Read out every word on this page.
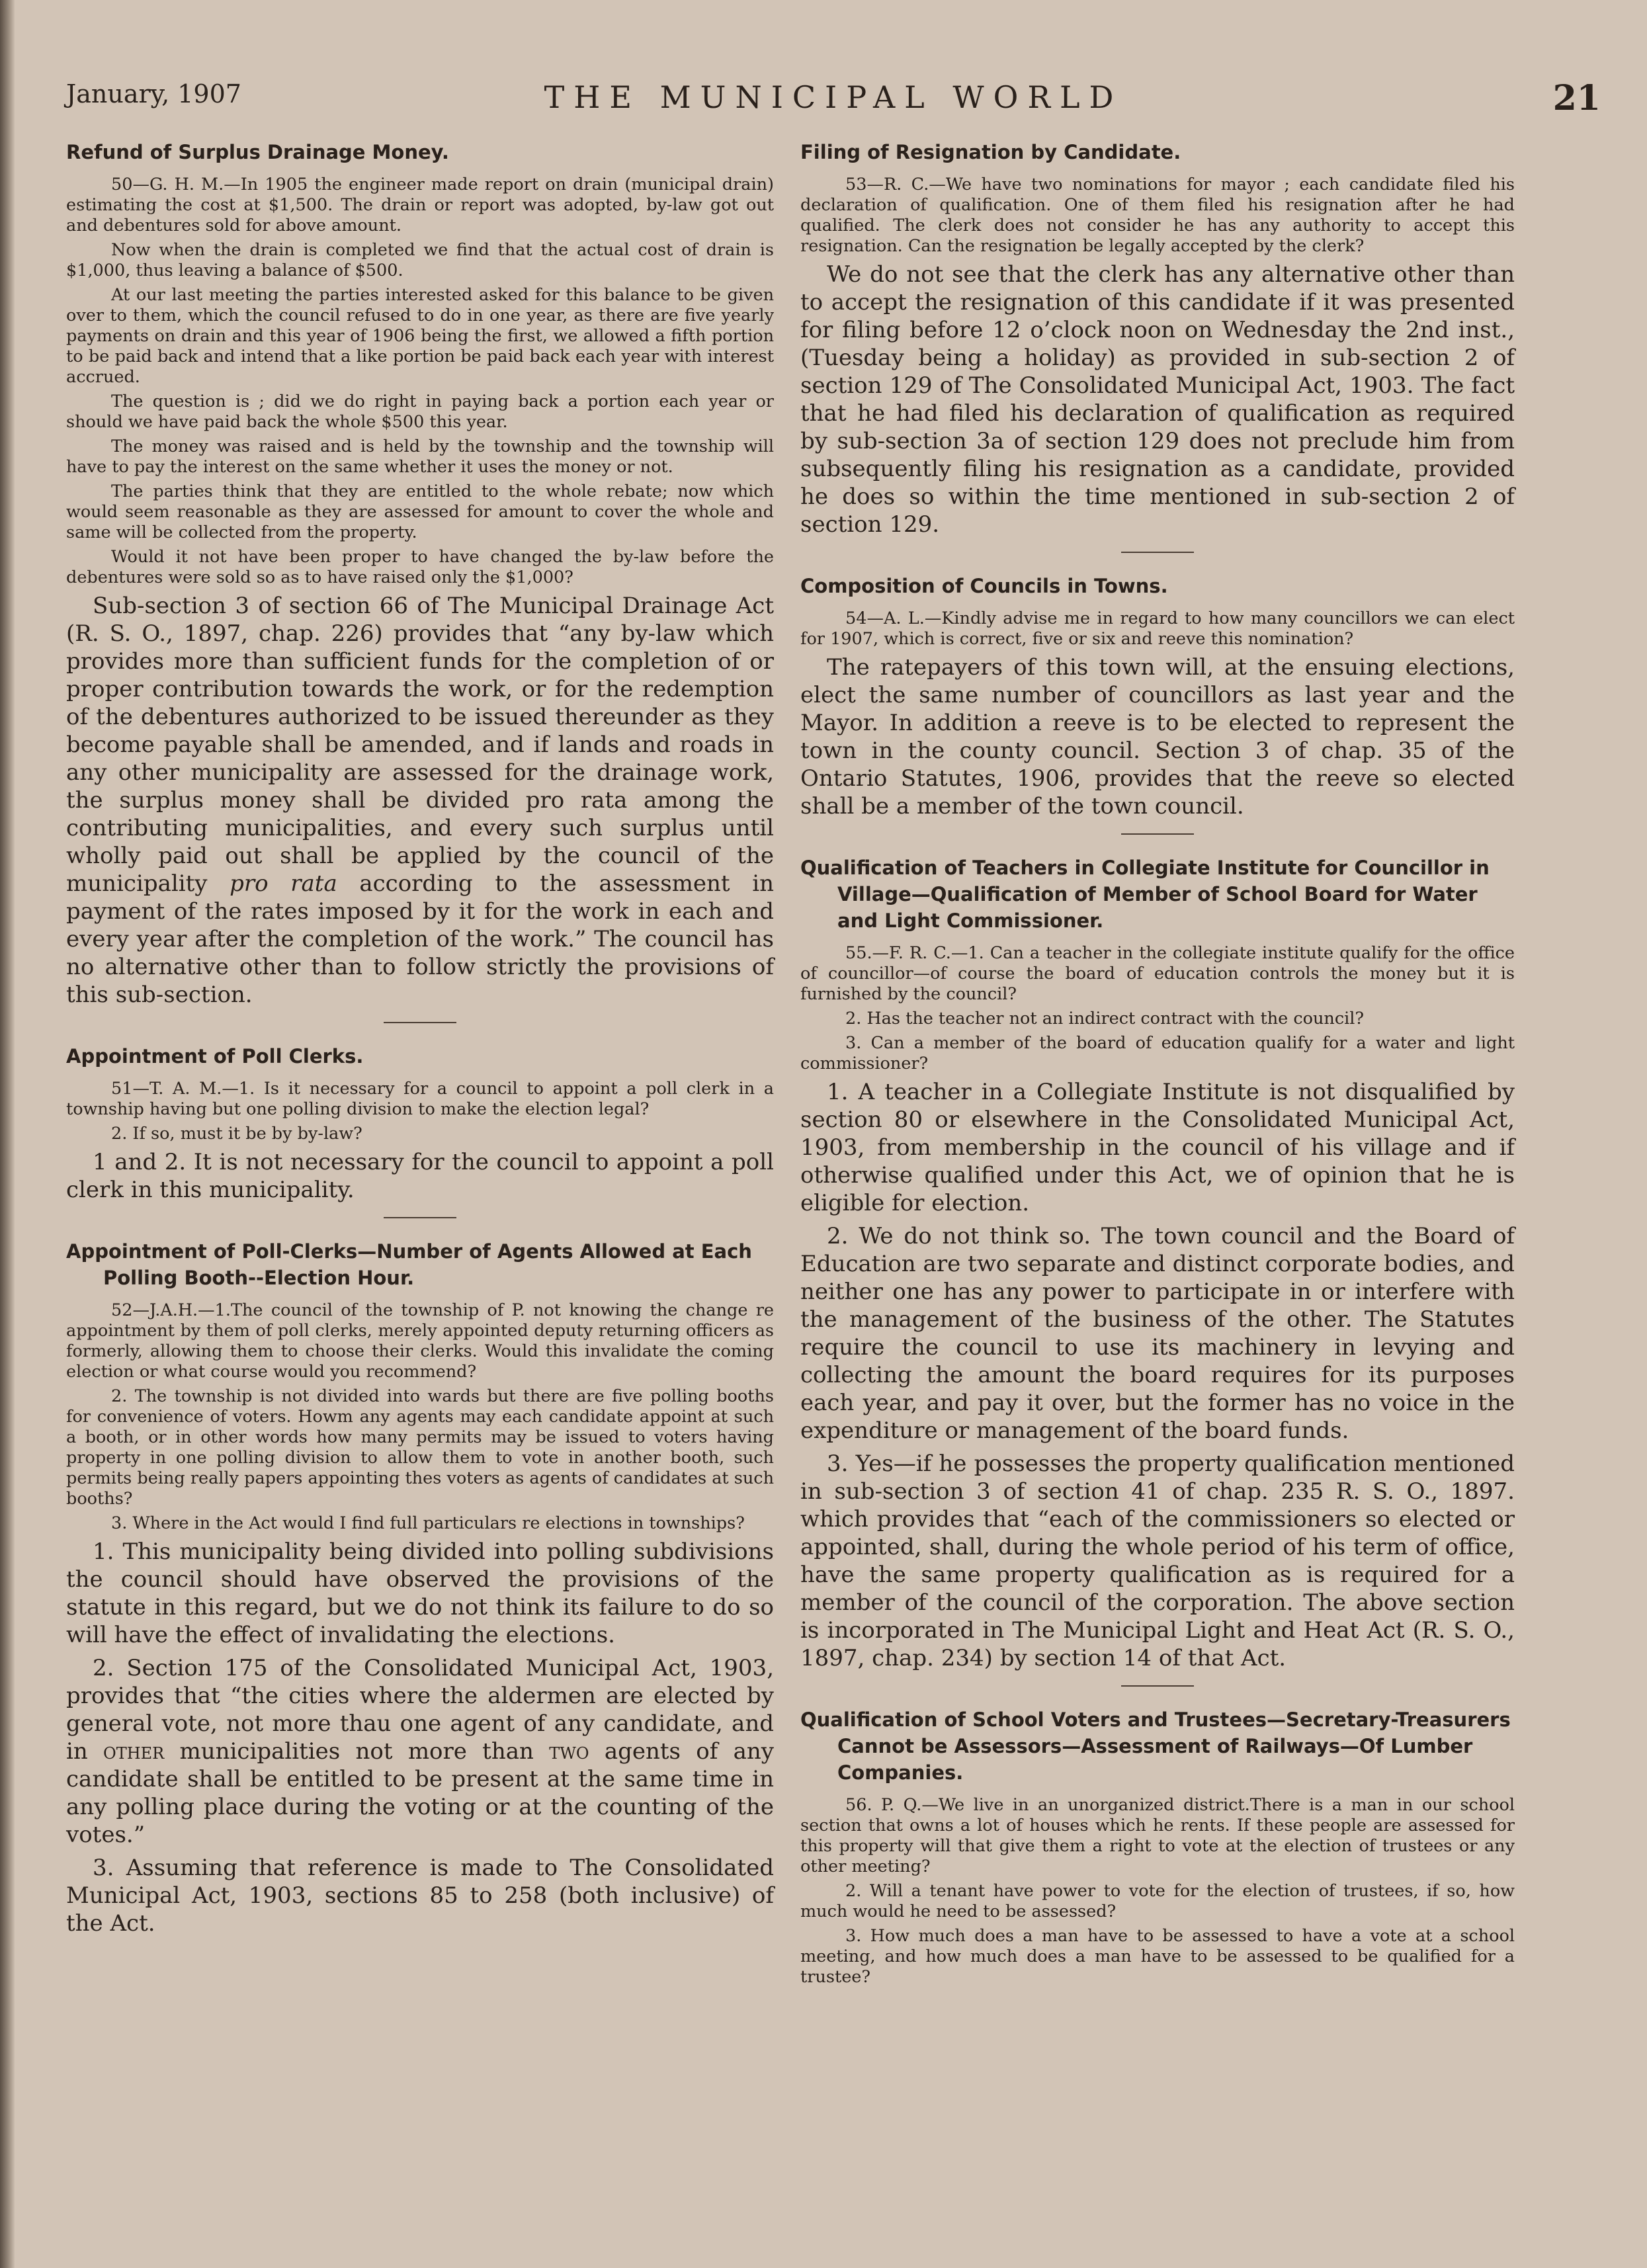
January, 1907	THE MUNICIPAL WORLD	21
Refund of Surplus Drainage Money.

50—G. H. M.—In 1905 the engineer made report on drain (municipal drain) estimating the cost at $1,500. The drain or report was adopted, by-law got out and debentures sold for above amount.

Now when the drain is completed we find that the actual cost of drain is $1,000, thus leaving a balance of $500.

At our last meeting the parties interested asked for this balance to be given over to them, which the council refused to do in one year, as there are five yearly payments on drain and this year of 1906 being the first, we allowed a fifth portion to be paid back and intend that a like portion be paid back each year with interest accrued.

The question is ; did we do right in paying back a portion each year or should we have paid back the whole $500 this year.

The money was raised and is held by the township and the township will have to pay the interest on the same whether it uses the money or not.

The parties think that they are entitled to the whole rebate; now which would seem reasonable as they are assessed for amount to cover the whole and same will be collected from the property.

Would it not have been proper to have changed the by-law before the debentures were sold so as to have raised only the $1,000?

Sub-section 3 of section 66 of The Municipal Drainage Act (R. S. O., 1897, chap. 226) provides that “any by-law which provides more than sufficient funds for the completion of or proper contribution towards the work, or for the redemption of the debentures authorized to be issued thereunder as they become payable shall be amended, and if lands and roads in any other municipality are assessed for the drainage work, the surplus money shall be divided pro rata among the contributing municipalities, and every such surplus until wholly paid out shall be applied by the council of the municipality pro rata according to the assessment in payment of the rates imposed by it for the work in each and every year after the completion of the work.” The council has no alternative other than to follow strictly the provisions of this sub-section.

Appointment of Poll Clerks.

51—T. A. M.—1. Is it necessary for a council to appoint a poll clerk in a township having but one polling division to make the election legal?

2. If so, must it be by by-law?

1 and 2. It is not necessary for the council to appoint a poll clerk in this municipality.

Appointment of Poll-Clerks—Number of Agents Allowed at Each Polling Booth--Election Hour.

52—J.A.H.—1.The council of the township of P. not knowing the change re appointment by them of poll clerks, merely appointed deputy returning officers as formerly, allowing them to choose their clerks. Would this invalidate the coming election or what course would you recommend?

2. The township is not divided into wards but there are five polling booths for convenience of voters. Howm any agents may each candidate appoint at such a booth, or in other words how many permits may be issued to voters having property in one polling division to allow them to vote in another booth, such permits being really papers appointing thes voters as agents of candidates at such booths?

3. Where in the Act would I find full particulars re elections in townships?

1. This municipality being divided into polling subdivisions the council should have observed the provisions of the statute in this regard, but we do not think its failure to do so will have the effect of invalidating the elections.

2. Section 175 of the Consolidated Municipal Act, 1903, provides that “the cities where the aldermen are elected by general vote, not more thau one agent of any candidate, and in other municipalities not more than two agents of any candidate shall be entitled to be present at the same time in any polling place during the voting or at the counting of the votes.”

3. Assuming that reference is made to The Consolidated Municipal Act, 1903, sections 85 to 258 (both inclusive) of the Act.

Filing of Resignation by Candidate.

53—R. C.—We have two nominations for mayor ; each candidate filed his declaration of qualification. One of them filed his resignation after he had qualified. The clerk does not consider he has any authority to accept this resignation. Can the resignation be legally accepted by the clerk?

We do not see that the clerk has any alternative other than to accept the resignation of this candidate if it was presented for filing before 12 o’clock noon on Wednesday the 2nd inst., (Tuesday being a holiday) as provided in sub-section 2 of section 129 of The Consolidated Municipal Act, 1903. The fact that he had filed his declaration of qualification as required by sub-section 3a of section 129 does not preclude him from subsequently filing his resignation as a candidate, provided he does so within the time mentioned in sub-section 2 of section 129.

Composition of Councils in Towns.

54—A. L.—Kindly advise me in regard to how many councillors we can elect for 1907, which is correct, five or six and reeve this nomination?

The ratepayers of this town will, at the ensuing elections, elect the same number of councillors as last year and the Mayor. In addition a reeve is to be elected to represent the town in the county council. Section 3 of chap. 35 of the Ontario Statutes, 1906, provides that the reeve so elected shall be a member of the town council.

Qualification of Teachers in Collegiate Institute for Councillor in Village—Qualification of Member of School Board for Water and Light Commissioner.

55.—F. R. C.—1. Can a teacher in the collegiate institute qualify for the office of councillor—of course the board of education controls the money but it is furnished by the council?

2. Has the teacher not an indirect contract with the council?

3. Can a member of the board of education qualify for a water and light commissioner?

1. A teacher in a Collegiate Institute is not disqualified by section 80 or elsewhere in the Consolidated Municipal Act, 1903, from membership in the council of his village and if otherwise qualified under this Act, we of opinion that he is eligible for election.

2. We do not think so. The town council and the Board of Education are two separate and distinct corporate bodies, and neither one has any power to participate in or interfere with the management of the business of the other. The Statutes require the council to use its machinery in levying and collecting the amount the board requires for its purposes each year, and pay it over, but the former has no voice in the expenditure or management of the board funds.

3. Yes—if he possesses the property qualification mentioned in sub-section 3 of section 41 of chap. 235 R. S. O., 1897. which provides that “each of the commissioners so elected or appointed, shall, during the whole period of his term of office, have the same property qualification as is required for a member of the council of the corporation. The above section is incorporated in The Municipal Light and Heat Act (R. S. O., 1897, chap. 234) by section 14 of that Act.

Qualification of School Voters and Trustees—Secretary-Treasurers Cannot be Assessors—Assessment of Railways—Of Lumber Companies.

56. P. Q.—We live in an unorganized district.There is a man in our school section that owns a lot of houses which he rents. If these people are assessed for this property will that give them a right to vote at the election of trustees or any other meeting?

2. Will a tenant have power to vote for the election of trustees, if so, how much would he need to be assessed?

3. How much does a man have to be assessed to have a vote at a school meeting, and how much does a man have to be assessed to be qualified for a trustee?
